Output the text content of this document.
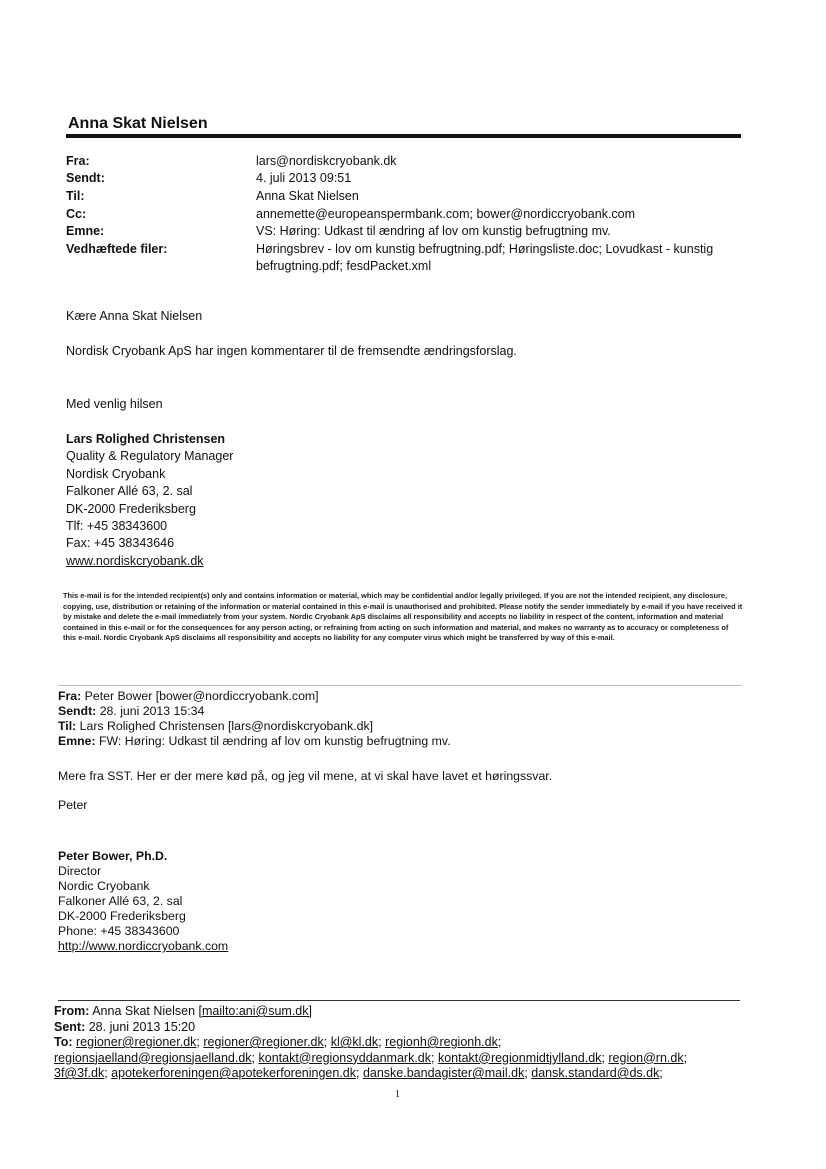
Anna Skat Nielsen
Fra:	lars@nordiskcryobank.dk
Sendt:	4. juli 2013 09:51
Til:	Anna Skat Nielsen
Cc:	annemette@europeanspermbank.com; bower@nordiccryobank.com
Emne:	VS: Høring: Udkast til ændring af lov om kunstig befrugtning mv.
Vedhæftede filer:	Høringsbrev - lov om kunstig befrugtning.pdf; Høringsliste.doc; Lovudkast - kunstig
befrugtning.pdf; fesdPacket.xml
Kære Anna Skat Nielsen
Nordisk Cryobank ApS har ingen kommentarer til de fremsendte ændringsforslag.
Med venlig hilsen
Lars Rolighed Christensen
Quality & Regulatory Manager
Nordisk Cryobank
Falkoner Allé 63, 2. sal
DK-2000 Frederiksberg
Tlf: +45 38343600
Fax: +45 38343646
www.nordiskcryobank.dk
This e-mail is for the intended recipient(s) only and contains information or material, which may be confidential and/or legally privileged. If you are not the intended recipient, any disclosure, copying, use, distribution or retaining of the information or material contained in this e-mail is unauthorised and prohibited. Please notify the sender immediately by e-mail if you have received it by mistake and delete the e-mail immediately from your system. Nordic Cryobank ApS disclaims all responsibility and accepts no liability in respect of the content, information and material contained in this e-mail or for the consequences for any person acting, or refraining from acting on such information and material, and makes no warranty as to accuracy or completeness of this e-mail. Nordic Cryobank ApS disclaims all responsibility and accepts no liability for any computer virus which might be transferred by way of this e-mail.
Fra: Peter Bower [bower@nordiccryobank.com]
Sendt: 28. juni 2013 15:34
Til: Lars Rolighed Christensen [lars@nordiskcryobank.dk]
Emne: FW: Høring: Udkast til ændring af lov om kunstig befrugtning mv.
Mere fra SST. Her er der mere kød på, og jeg vil mene, at vi skal have lavet et høringssvar.
Peter
Peter Bower, Ph.D.
Director
Nordic Cryobank
Falkoner Allé 63, 2. sal
DK-2000 Frederiksberg
Phone: +45 38343600
http://www.nordiccryobank.com
From: Anna Skat Nielsen [mailto:ani@sum.dk]
Sent: 28. juni 2013 15:20
To: regioner@regioner.dk; regioner@regioner.dk; kl@kl.dk; regionh@regionh.dk;
regionsjaelland@regionsjaelland.dk; kontakt@regionsyddanmark.dk; kontakt@regionmidtjylland.dk; region@rn.dk;
3f@3f.dk; apotekerforeningen@apotekerforeningen.dk; danske.bandagister@mail.dk; dansk.standard@ds.dk;
1
